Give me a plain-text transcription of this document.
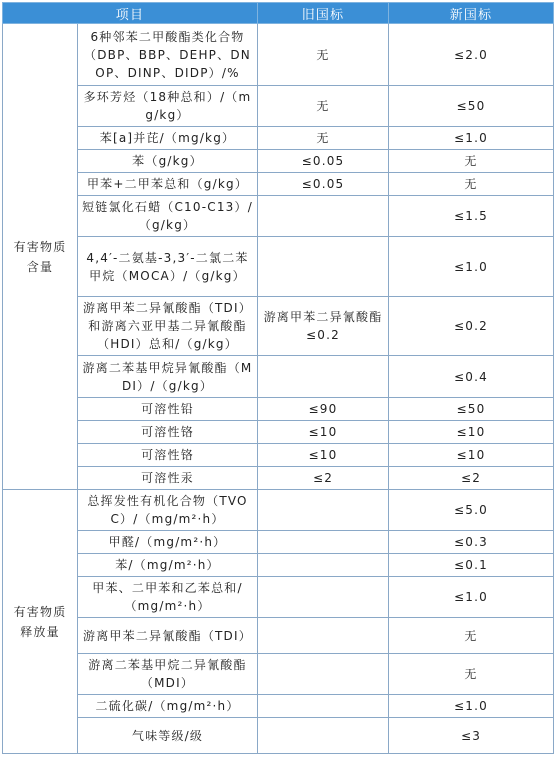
项目		旧国标	新国标
有害物质
含量	6种邻苯二甲酸酯类化合物（DBP、BBP、DEHP、DNOP、DINP、DIDP）/%	无	≤2.0
	多环芳烃（18种总和）/（mg/kg）	无	≤50
	苯[a]并芘/（mg/kg）	无	≤1.0
	苯（g/kg）	≤0.05	无
	甲苯+二甲苯总和（g/kg）	≤0.05	无
	短链氯化石蜡（C10-C13）/（g/kg）		≤1.5
	4,4′-二氨基-3,3′-二氯二苯甲烷（MOCA）/（g/kg）		≤1.0
	游离甲苯二异氰酸酯（TDI）和游离六亚甲基二异氰酸酯（HDI）总和/（g/kg）	游离甲苯二异氰酸酯≤0.2	≤0.2
	游离二苯基甲烷异氰酸酯（MDI）/（g/kg）		≤0.4
	可溶性铅	≤90	≤50
	可溶性铬	≤10	≤10
	可溶性铬	≤10	≤10
	可溶性汞	≤2	≤2
有害物质
释放量	总挥发性有机化合物（TVOC）/（mg/m²·h）		≤5.0
	甲醛/（mg/m²·h）		≤0.3
	苯/（mg/m²·h）		≤0.1
	甲苯、二甲苯和乙苯总和/（mg/m²·h）		≤1.0
	游离甲苯二异氰酸酯（TDI）		无
	游离二苯基甲烷二异氰酸酯（MDI）		无
	二硫化碳/（mg/m²·h）		≤1.0
	气味等级/级		≤3
